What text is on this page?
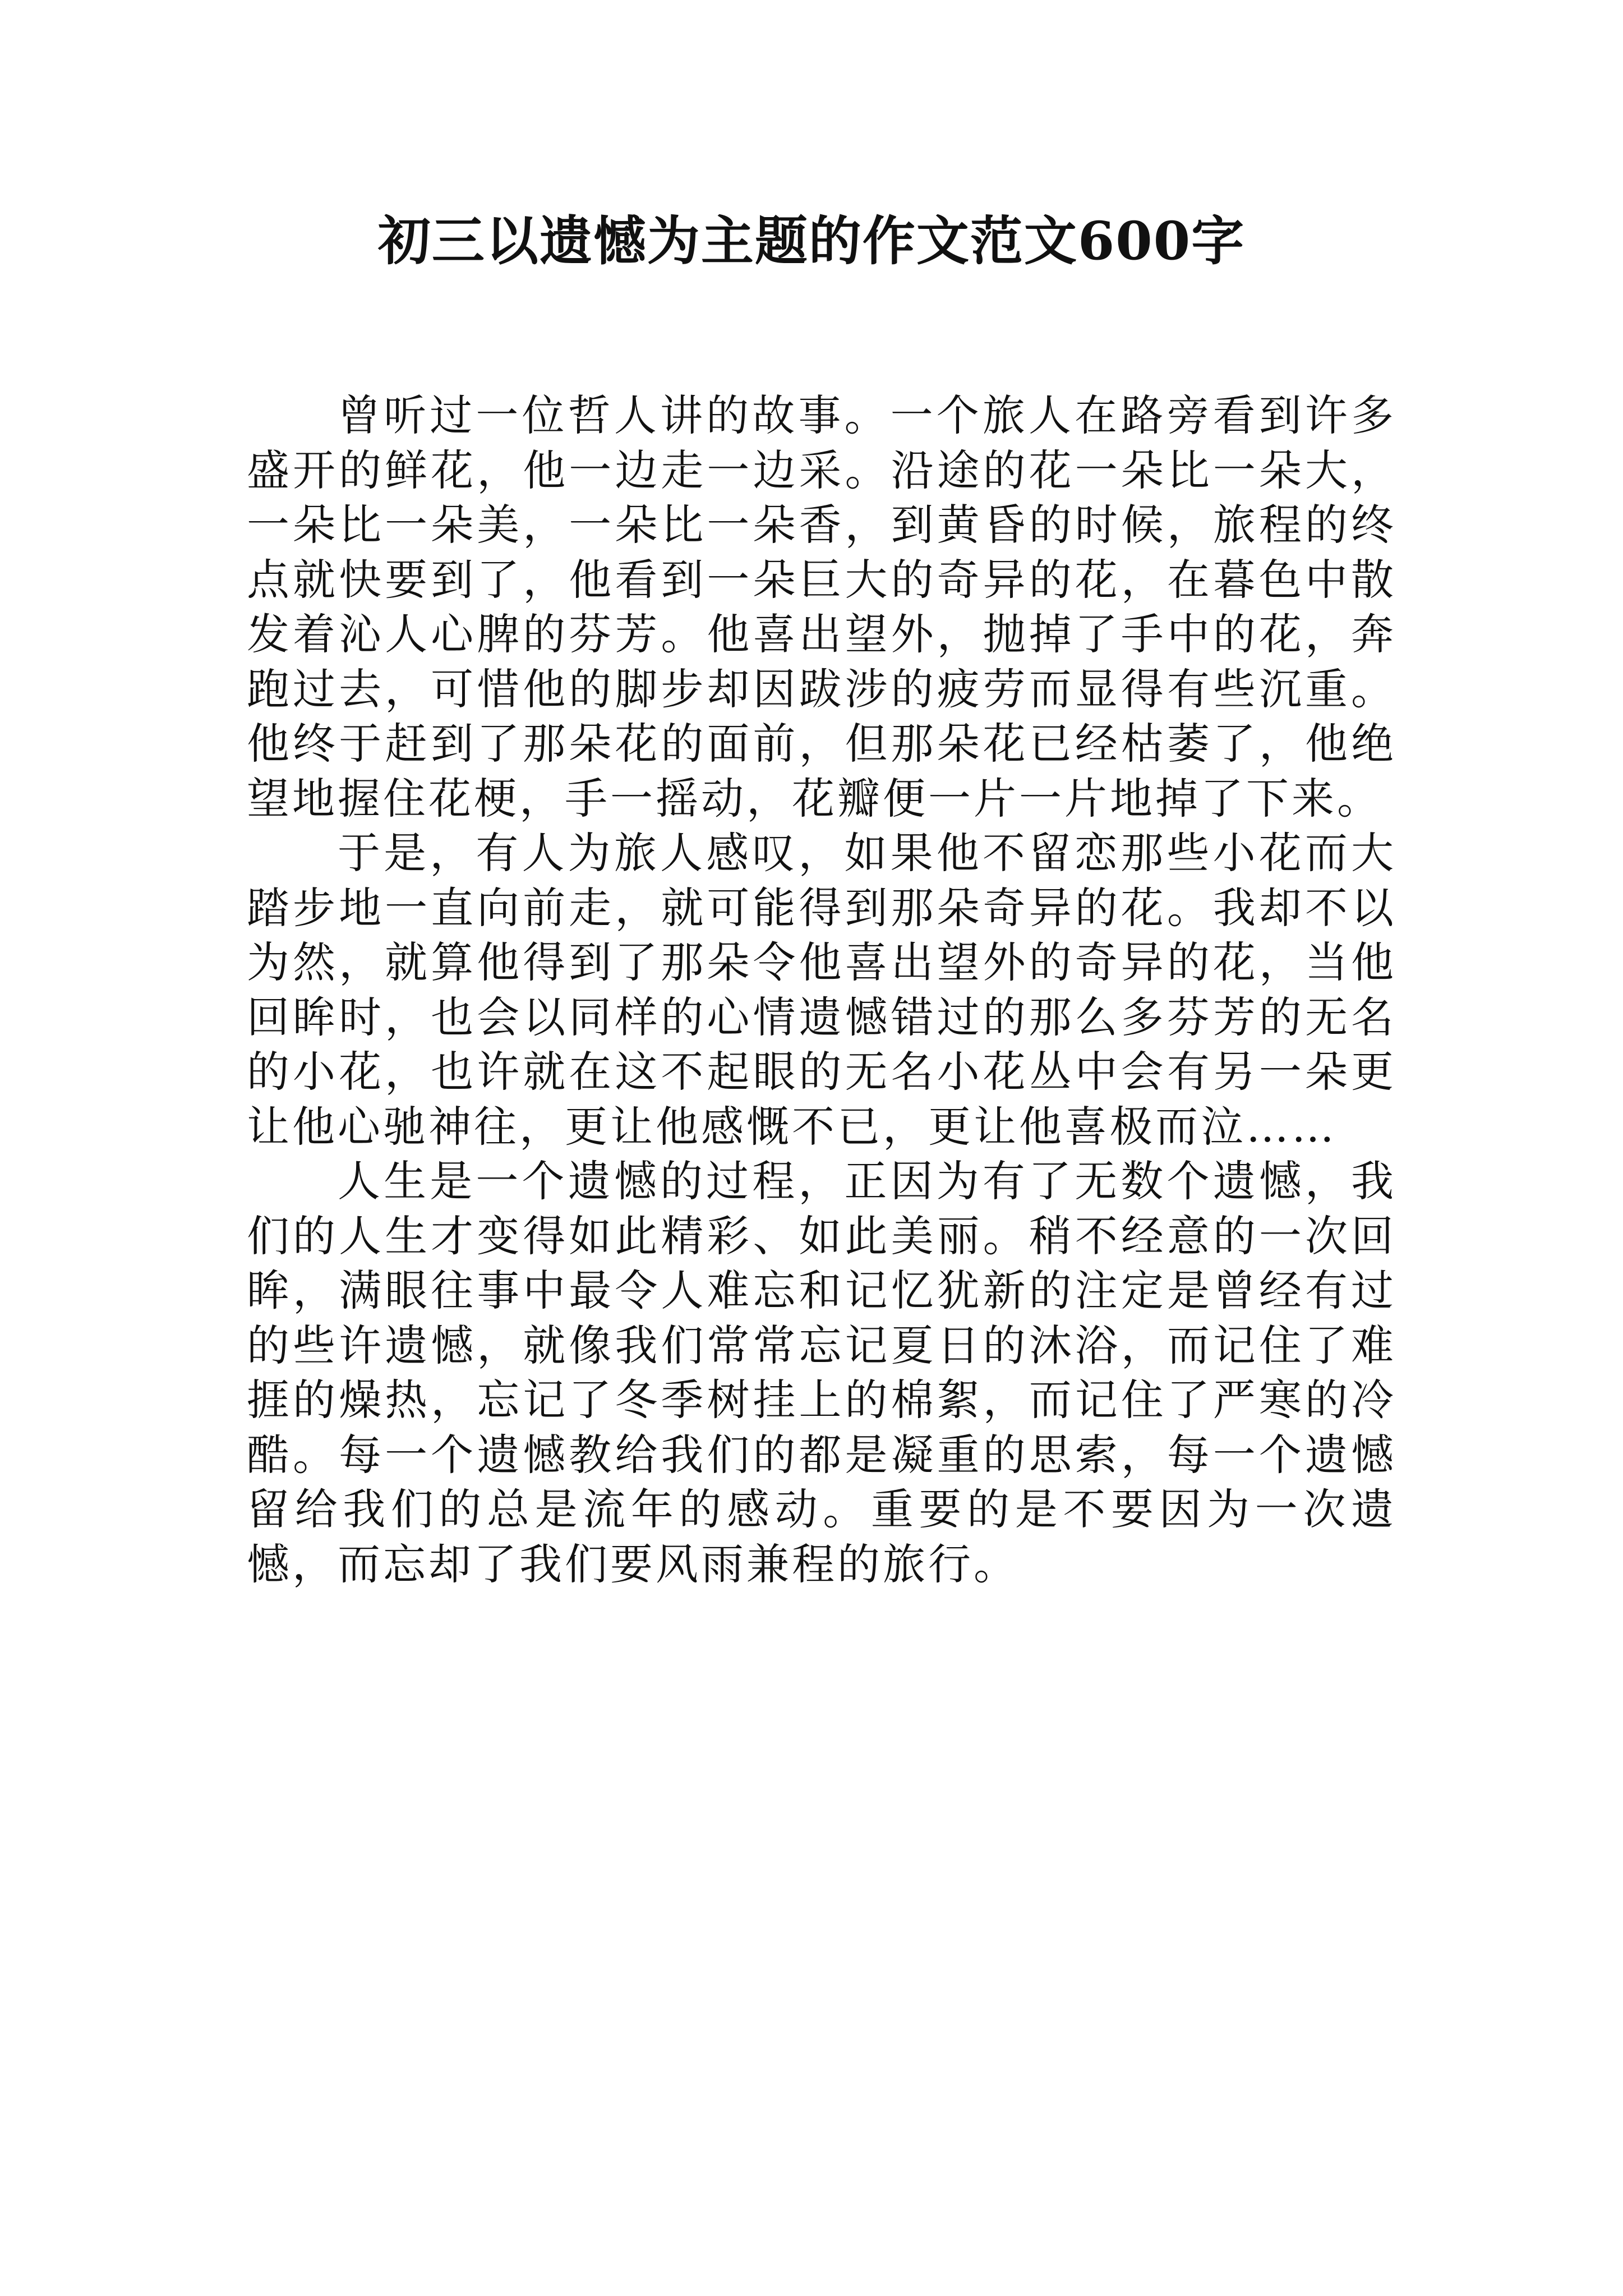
初三以遗憾为主题的作文范文600字

曾听过一位哲人讲的故事。一个旅人在路旁看到许多盛开的鲜花，他一边走一边采。沿途的花一朵比一朵大，一朵比一朵美，一朵比一朵香，到黄昏的时候，旅程的终点就快要到了，他看到一朵巨大的奇异的花，在暮色中散发着沁人心脾的芬芳。他喜出望外，抛掉了手中的花，奔跑过去，可惜他的脚步却因跋涉的疲劳而显得有些沉重。他终于赶到了那朵花的面前，但那朵花已经枯萎了，他绝望地握住花梗，手一摇动，花瓣便一片一片地掉了下来。

于是，有人为旅人感叹，如果他不留恋那些小花而大踏步地一直向前走，就可能得到那朵奇异的花。我却不以为然，就算他得到了那朵令他喜出望外的奇异的花，当他回眸时，也会以同样的心情遗憾错过的那么多芬芳的无名的小花，也许就在这不起眼的无名小花丛中会有另一朵更让他心驰神往，更让他感慨不已，更让他喜极而泣……

人生是一个遗憾的过程，正因为有了无数个遗憾，我们的人生才变得如此精彩、如此美丽。稍不经意的一次回眸，满眼往事中最令人难忘和记忆犹新的注定是曾经有过的些许遗憾，就像我们常常忘记夏日的沐浴，而记住了难捱的燥热，忘记了冬季树挂上的棉絮，而记住了严寒的冷酷。每一个遗憾教给我们的都是凝重的思索，每一个遗憾留给我们的总是流年的感动。重要的是不要因为一次遗憾，而忘却了我们要风雨兼程的旅行。
